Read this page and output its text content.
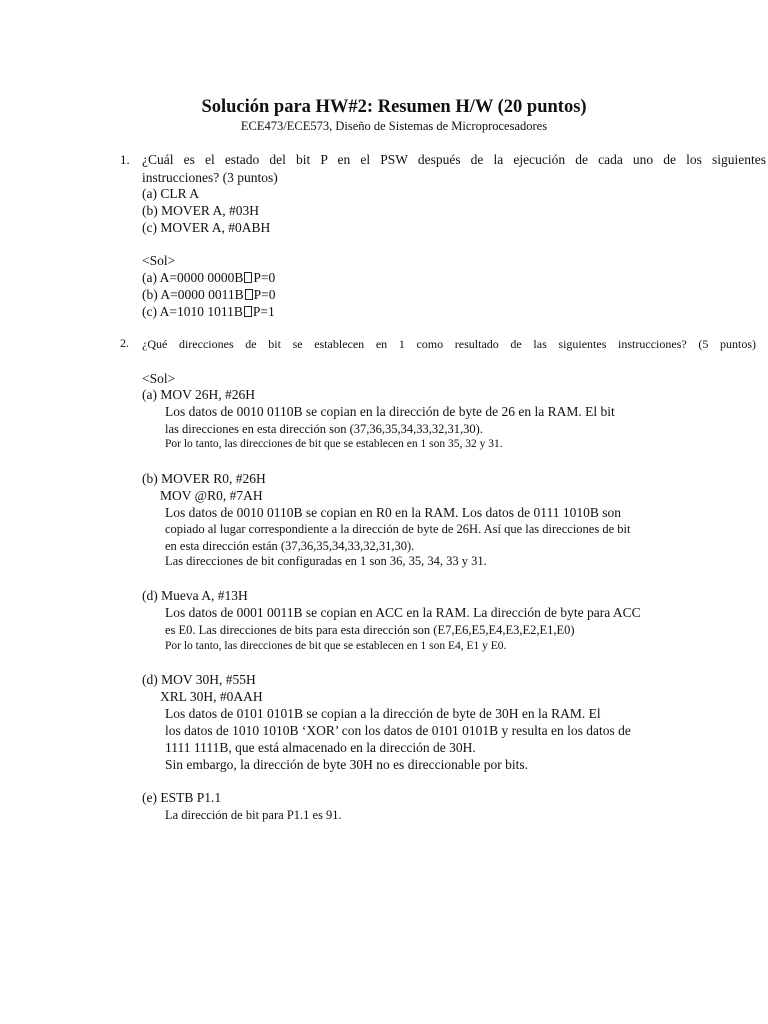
Solución para HW#2: Resumen H/W (20 puntos)
ECE473/ECE573, Diseño de Sistemas de Microprocesadores
1. ¿Cuál es el estado del bit P en el PSW después de la ejecución de cada uno de los siguientes
instrucciones? (3 puntos)
(a) CLR A
(b) MOVER A, #03H
(c) MOVER A, #0ABH
<Sol>
(a) A=0000 0000B P=0
(b) A=0000 0011B P=0
(c) A=1010 1011B P=1
2. ¿Qué direcciones de bit se establecen en 1 como resultado de las siguientes instrucciones? (5 puntos)
<Sol>
(a) MOV 26H, #26H
Los datos de 0010 0110B se copian en la dirección de byte de 26 en la RAM. El bit
las direcciones en esta dirección son (37,36,35,34,33,32,31,30).
Por lo tanto, las direcciones de bit que se establecen en 1 son 35, 32 y 31.
(b) MOVER R0, #26H
MOV @R0, #7AH
Los datos de 0010 0110B se copian en R0 en la RAM. Los datos de 0111 1010B son
copiado al lugar correspondiente a la dirección de byte de 26H. Así que las direcciones de bit
en esta dirección están (37,36,35,34,33,32,31,30).
Las direcciones de bit configuradas en 1 son 36, 35, 34, 33 y 31.
(d) Mueva A, #13H
Los datos de 0001 0011B se copian en ACC en la RAM. La dirección de byte para ACC
es E0. Las direcciones de bits para esta dirección son (E7,E6,E5,E4,E3,E2,E1,E0)
Por lo tanto, las direcciones de bit que se establecen en 1 son E4, E1 y E0.
(d) MOV 30H, #55H
XRL 30H, #0AAH
Los datos de 0101 0101B se copian a la dirección de byte de 30H en la RAM. El
los datos de 1010 1010B ‘XOR’ con los datos de 0101 0101B y resulta en los datos de
1111 1111B, que está almacenado en la dirección de 30H.
Sin embargo, la dirección de byte 30H no es direccionable por bits.
(e) ESTB P1.1
La dirección de bit para P1.1 es 91.
